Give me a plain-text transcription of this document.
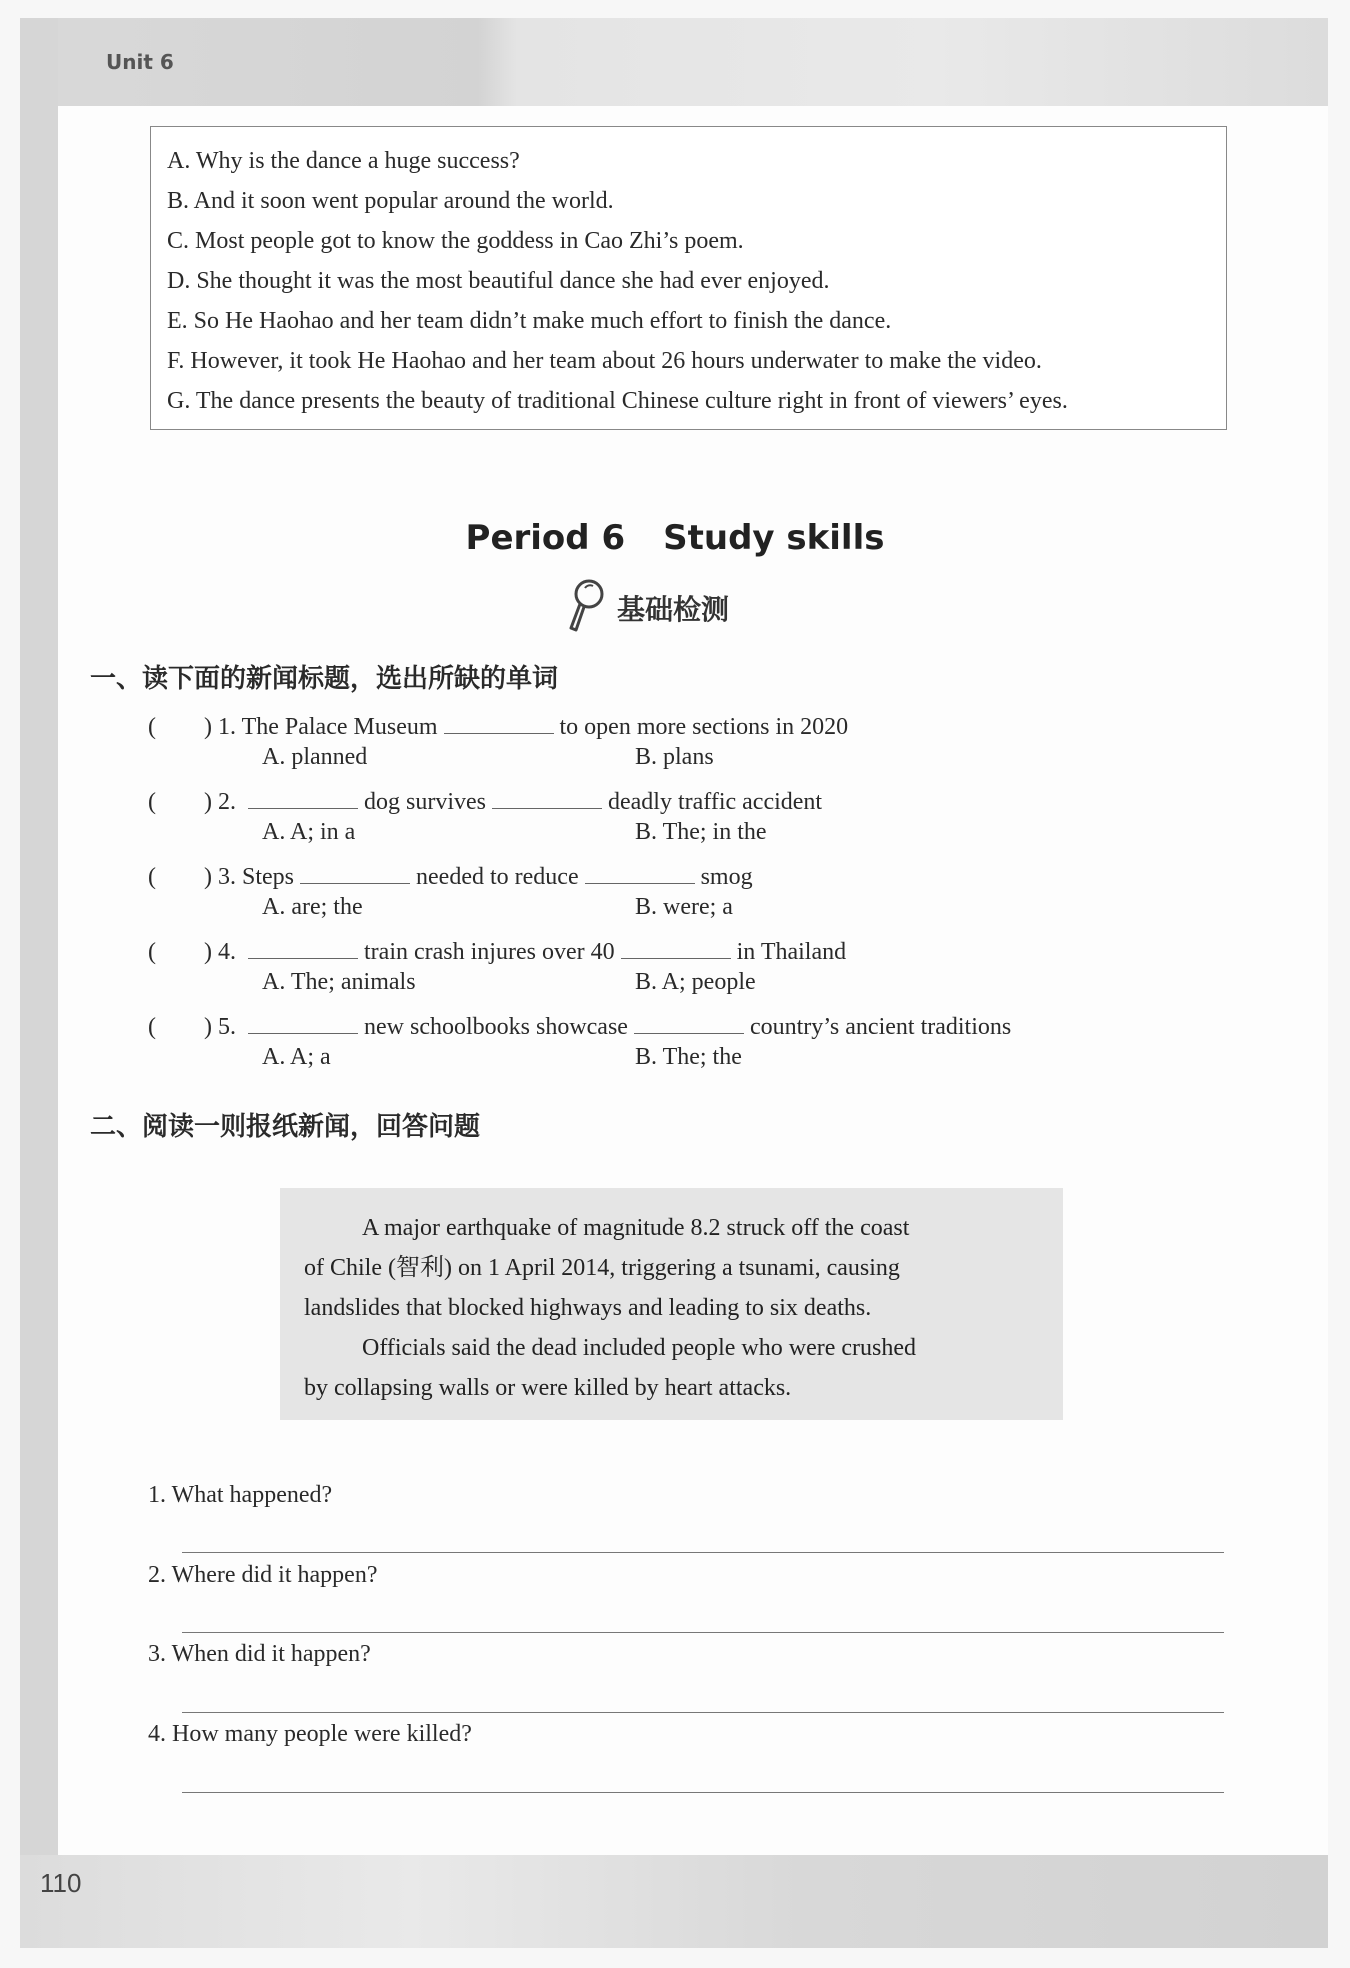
Unit 6
110
A. Why is the dance a huge success?
B. And it soon went popular around the world.
C. Most people got to know the goddess in Cao Zhi’s poem.
D. She thought it was the most beautiful dance she had ever enjoyed.
E. So He Haohao and her team didn’t make much effort to finish the dance.
F. However, it took He Haohao and her team about 26 hours underwater to make the video.
G. The dance presents the beauty of traditional Chinese culture right in front of viewers’ eyes.
Period 6 Study skills
基础检测
一、读下面的新闻标题，选出所缺的单词
(　　) 1. The Palace Museum	to open more sections in 2020
A. planned	B. plans
(　　) 2.	dog survives	deadly traffic accident
A. A; in a	B. The; in the
(　　) 3. Steps	needed to reduce	smog
A. are; the	B. were; a
(　　) 4.	train crash injures over 40	in Thailand
A. The; animals	B. A; people
(　　) 5.	new schoolbooks showcase	country’s ancient traditions
A. A; a	B. The; the
二、阅读一则报纸新闻，回答问题

A major earthquake of magnitude 8.2 struck off the coast

of Chile (智利) on 1 April 2014, triggering a tsunami, causing

landslides that blocked highways and leading to six deaths.

Officials said the dead included people who were crushed

by collapsing walls or were killed by heart attacks.

1. What happened?
2. Where did it happen?
3. When did it happen?
4. How many people were killed?
